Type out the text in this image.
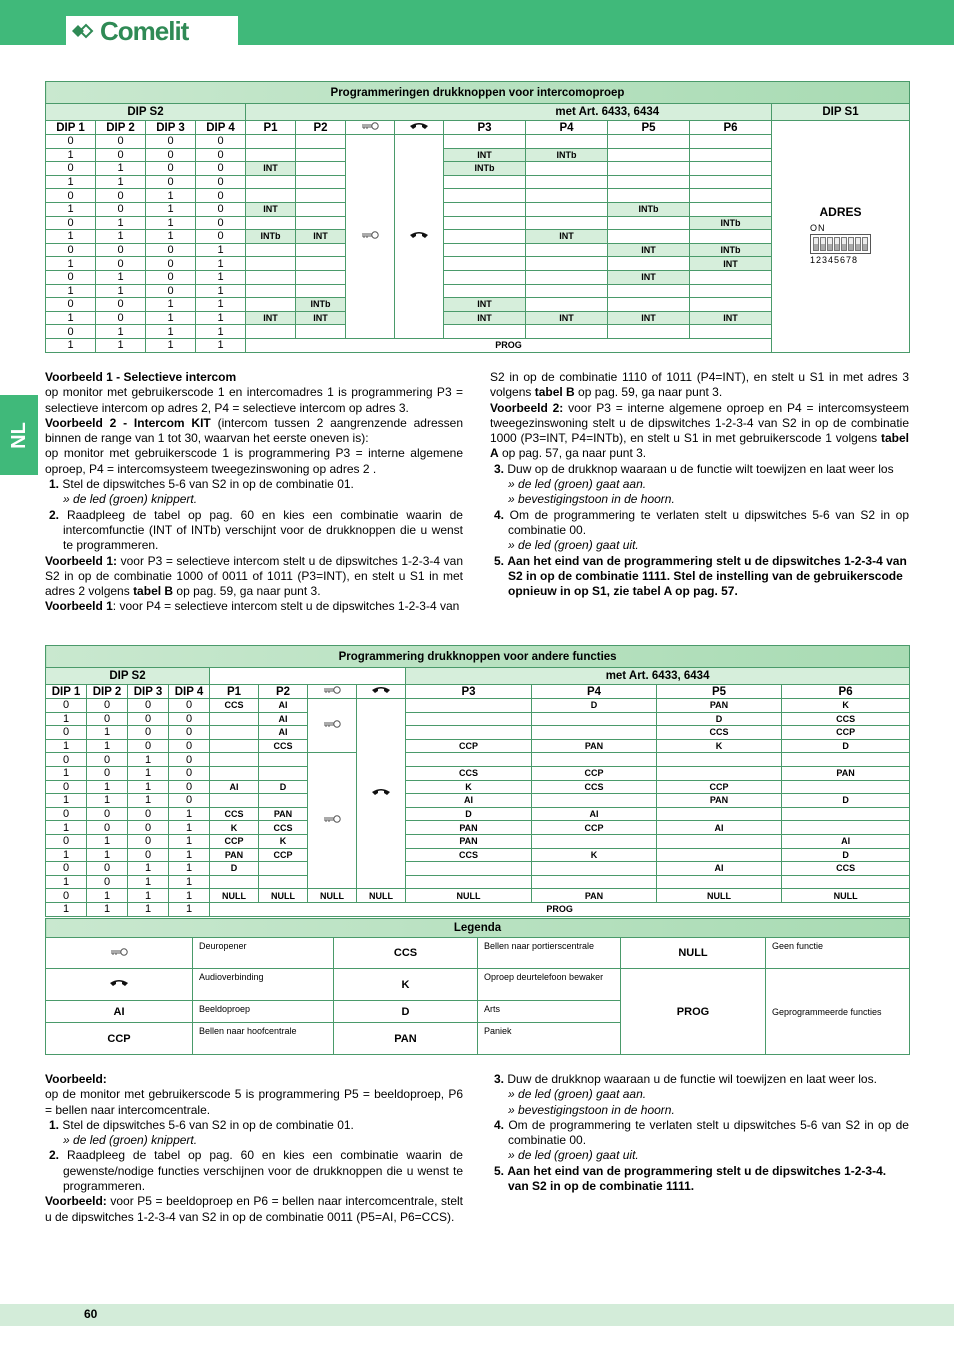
Comelit
NL
Programmeringen drukknoppen voor intercomoproep												
DIP S2								met Art. 6433, 6434				DIP S1
DIP 1	DIP 2	DIP 3	DIP 4	P1	P2			P3	P4	P5	P6	ADRES
ON
12345678

0	0	0	0								
1	0	0	0					INT	INTb			
0	1	0	0	INT				INTb				
1	1	0	0									
0	0	1	0									
1	0	1	0	INT						INTb		
0	1	1	0								INTb	
1	1	1	0	INTb	INT				INT			
0	0	0	1							INT	INTb	
1	0	0	1								INT	
0	1	0	1							INT		
1	1	0	1									
0	0	1	1		INTb			INT				
1	0	1	1	INT	INT			INT	INT	INT	INT	
0	1	1	1									
1	1	1	1	PROG								

Voorbeeld 1 - Selectieve intercom

op monitor met gebruikerscode 1 en intercomadres 1 is programmering P3 = selectieve intercom op adres 2, P4 = selectieve intercom op adres 3.

Voorbeeld 2 - Intercom KIT (intercom tussen 2 aangrenzende adressen binnen de range van 1 tot 30, waarvan het eerste oneven is):

op monitor met gebruikerscode 1 is programmering P3 = interne algemene oproep, P4 = intercomsysteem tweegezinswoning op adres 2 .

1. Stel de dipswitches 5-6 van S2 in op de combinatie 01.

» de led (groen) knippert.

2. Raadpleeg de tabel op pag. 60 en kies een combinatie waarin de intercomfunctie (INT of INTb) verschijnt voor de drukknoppen die u wenst te programmeren.

Voorbeeld 1: voor P3 = selectieve intercom stelt u de dipswitches 1-2-3-4 van S2 in op de combinatie 1000 of 0011 of 1011 (P3=INT), en stelt u S1 in met adres 2 volgens tabel B op pag. 59, ga naar punt 3.

Voorbeeld 1: voor P4 = selectieve intercom stelt u de dipswitches 1-2-3-4 van

S2 in op de combinatie 1110 of 1011 (P4=INT), en stelt u S1 in met adres 3 volgens tabel B op pag. 59, ga naar punt 3.

Voorbeeld 2: voor P3 = interne algemene oproep en P4 = intercomsysteem tweegezinswoning stelt u de dipswitches 1-2-3-4 van S2 in op de combinatie 1000 (P3=INT, P4=INTb), en stelt u S1 in met gebruikerscode 1 volgens tabel A op pag. 57, ga naar punt 3.

3. Duw op de drukknop waaraan u de functie wilt toewijzen en laat weer los

» de led (groen) gaat aan.

» bevestigingstoon in de hoorn.

4. Om de programmering te verlaten stelt u dipswitches 5-6 van S2 in op combinatie 00.

» de led (groen) gaat uit.

5. Aan het eind van de programmering stelt u de dipswitches 1-2-3-4 van S2 in op de combinatie 1111. Stel de instelling van de gebruikerscode opnieuw in op S1, zie tabel A op pag. 57.

Programmering drukknoppen voor andere functies											
DIP S2								met Art. 6433, 6434			
DIP 1	DIP 2	DIP 3	DIP 4	P1	P2			P3	P4	P5	P6
0	0	0	0	CCS	AI				D	PAN	K
1	0	0	0		AI					D	CCS
0	1	0	0		AI					CCS	CCP
1	1	0	0		CCS			CCP	PAN	K	D
0	0	1	0							
1	0	1	0					CCS	CCP		PAN
0	1	1	0	AI	D			K	CCS	CCP	
1	1	1	0					AI		PAN	D
0	0	0	1	CCS	PAN			D	AI		
1	0	0	1	K	CCS			PAN	CCP	AI	
0	1	0	1	CCP	K			PAN			AI
1	1	0	1	PAN	CCP			CCS	K		D
0	0	1	1	D						AI	CCS
1	0	1	1								
0	1	1	1	NULL	NULL	NULL	NULL	NULL	PAN	NULL	NULL
1	1	1	1	PROG							
Legenda					
	Deuropener	CCS	Bellen naar portierscentrale	NULL	Geen functie
	Audioverbinding	K	Oproep deurtelefoon bewaker	PROG	Geprogrammeerde functies
AI	Beeldoproep	D	Arts		
CCP	Bellen naar hoofcentrale	PAN	Paniek		

Voorbeeld:

op de monitor met gebruikerscode 5 is programmering P5 = beeldoproep, P6 = bellen naar intercomcentrale.

1. Stel de dipswitches 5-6 van S2 in op de combinatie 01.

» de led (groen) knippert.

2. Raadpleeg de tabel op pag. 60 en kies een combinatie waarin de gewenste/nodige functies verschijnen voor de drukknoppen die u wenst te programmeren.

Voorbeeld: voor P5 = beeldoproep en P6 = bellen naar intercomcentrale, stelt u de dipswitches 1-2-3-4 van S2 in op de combinatie 0011 (P5=AI, P6=CCS).

3. Duw de drukknop waaraan u de functie wil toewijzen en laat weer los.

» de led (groen) gaat aan.

» bevestigingstoon in de hoorn.

4. Om de programmering te verlaten stelt u dipswitches 5-6 van S2 in op de combinatie 00.

» de led (groen) gaat uit.

5. Aan het eind van de programmering stelt u de dipswitches 1-2-3-4. van S2 in op de combinatie 1111.

60
